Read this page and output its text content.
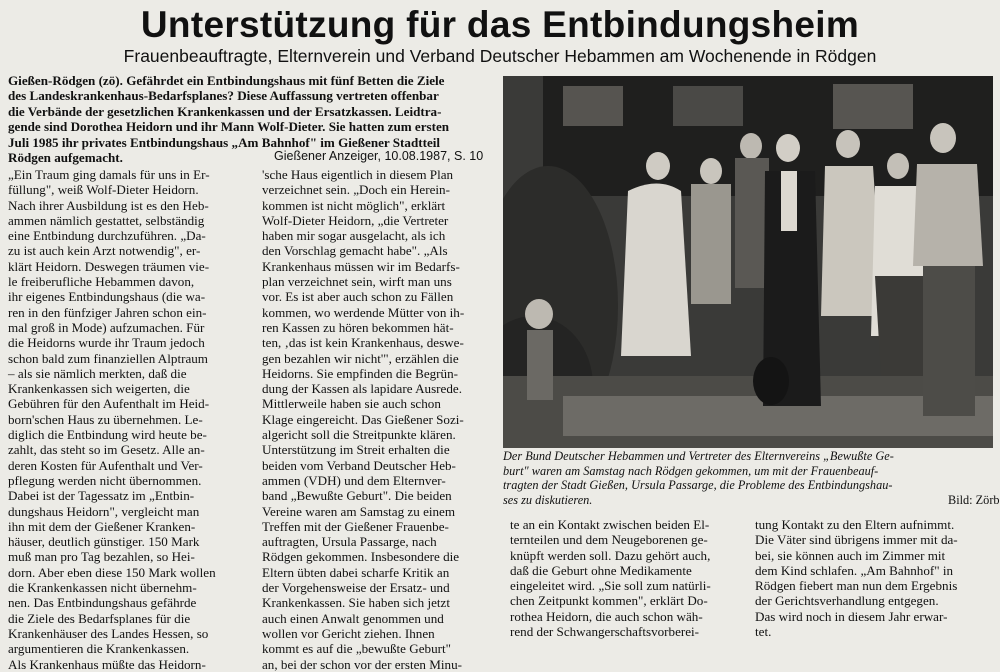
Unterstützung für das Entbindungsheim
Frauenbeauftragte, Elternverein und Verband Deutscher Hebammen am Wochenende in Rödgen
Gießen-Rödgen (zö). Gefährdet ein Entbindungshaus mit fünf Betten die Ziele
des Landeskrankenhaus-Bedarfsplanes? Diese Auffassung vertreten offenbar
die Verbände der gesetzlichen Krankenkassen und der Ersatzkassen. Leidtra-
gende sind Dorothea Heidorn und ihr Mann Wolf-Dieter. Sie hatten zum ersten
Juli 1985 ihr privates Entbindungshaus „Am Bahnhof" im Gießener Stadtteil
Rödgen aufgemacht.	Gießener Anzeiger, 10.08.1987, S. 10
„Ein Traum ging damals für uns in Er-
füllung", weiß Wolf-Dieter Heidorn.
Nach ihrer Ausbildung ist es den Heb-
ammen nämlich gestattet, selbständig
eine Entbindung durchzuführen. „Da-
zu ist auch kein Arzt notwendig", er-
klärt Heidorn. Deswegen träumen vie-
le freiberufliche Hebammen davon,
ihr eigenes Entbindungshaus (die wa-
ren in den fünfziger Jahren schon ein-
mal groß in Mode) aufzumachen. Für
die Heidorns wurde ihr Traum jedoch
schon bald zum finanziellen Alptraum
– als sie nämlich merkten, daß die
Krankenkassen sich weigerten, die
Gebühren für den Aufenthalt im Heid-
born'schen Haus zu übernehmen. Le-
diglich die Entbindung wird heute be-
zahlt, das steht so im Gesetz. Alle an-
deren Kosten für Aufenthalt und Ver-
pflegung werden nicht übernommen.
Dabei ist der Tagessatz im „Entbin-
dungshaus Heidorn", vergleicht man
ihn mit dem der Gießener Kranken-
häuser, deutlich günstiger. 150 Mark
muß man pro Tag bezahlen, so Hei-
dorn. Aber eben diese 150 Mark wollen
die Krankenkassen nicht übernehm-
nen. Das Entbindungshaus gefährde
die Ziele des Bedarfsplanes für die
Krankenhäuser des Landes Hessen, so
argumentieren die Krankenkassen.
Als Krankenhaus müßte das Heidorn-
'sche Haus eigentlich in diesem Plan
verzeichnet sein. „Doch ein Herein-
kommen ist nicht möglich", erklärt
Wolf-Dieter Heidorn, „die Vertreter
haben mir sogar ausgelacht, als ich
den Vorschlag gemacht habe". „Als
Krankenhaus müssen wir im Bedarfs-
plan verzeichnet sein, wirft man uns
vor. Es ist aber auch schon zu Fällen
kommen, wo werdende Mütter von ih-
ren Kassen zu hören bekommen hät-
ten, ‚das ist kein Krankenhaus, deswe-
gen bezahlen wir nicht'", erzählen die
Heidorns. Sie empfinden die Begrün-
dung der Kassen als lapidare Ausrede.
Mittlerweile haben sie auch schon
Klage eingereicht. Das Gießener Sozi-
algericht soll die Streitpunkte klären.
Unterstützung im Streit erhalten die
beiden vom Verband Deutscher Heb-
ammen (VDH) und dem Elternver-
band „Bewußte Geburt". Die beiden
Vereine waren am Samstag zu einem
Treffen mit der Gießener Frauenbe-
auftragten, Ursula Passarge, nach
Rödgen gekommen. Insbesondere die
Eltern übten dabei scharfe Kritik an
der Vorgehensweise der Ersatz- und
Krankenkassen. Sie haben sich jetzt
auch einen Anwalt genommen und
wollen vor Gericht ziehen. Ihnen
kommt es auf die „bewußte Geburt"
an, bei der schon vor der ersten Minu-
Der Bund Deutscher Hebammen und Vertreter des Elternvereins „Bewußte Ge-
burt" waren am Samstag nach Rödgen gekommen, um mit der Frauenbeauf-
tragten der Stadt Gießen, Ursula Passarge, die Probleme des Entbindungshau-
ses zu diskutieren.	Bild: Zörb
te an ein Kontakt zwischen beiden El-
ternteilen und dem Neugeborenen ge-
knüpft werden soll. Dazu gehört auch,
daß die Geburt ohne Medikamente
eingeleitet wird. „Sie soll zum natürli-
chen Zeitpunkt kommen", erklärt Do-
rothea Heidorn, die auch schon wäh-
rend der Schwangerschaftsvorberei-
tung Kontakt zu den Eltern aufnimmt.
Die Väter sind übrigens immer mit da-
bei, sie können auch im Zimmer mit
dem Kind schlafen. „Am Bahnhof" in
Rödgen fiebert man nun dem Ergebnis
der Gerichtsverhandlung entgegen.
Das wird noch in diesem Jahr erwar-
tet.
